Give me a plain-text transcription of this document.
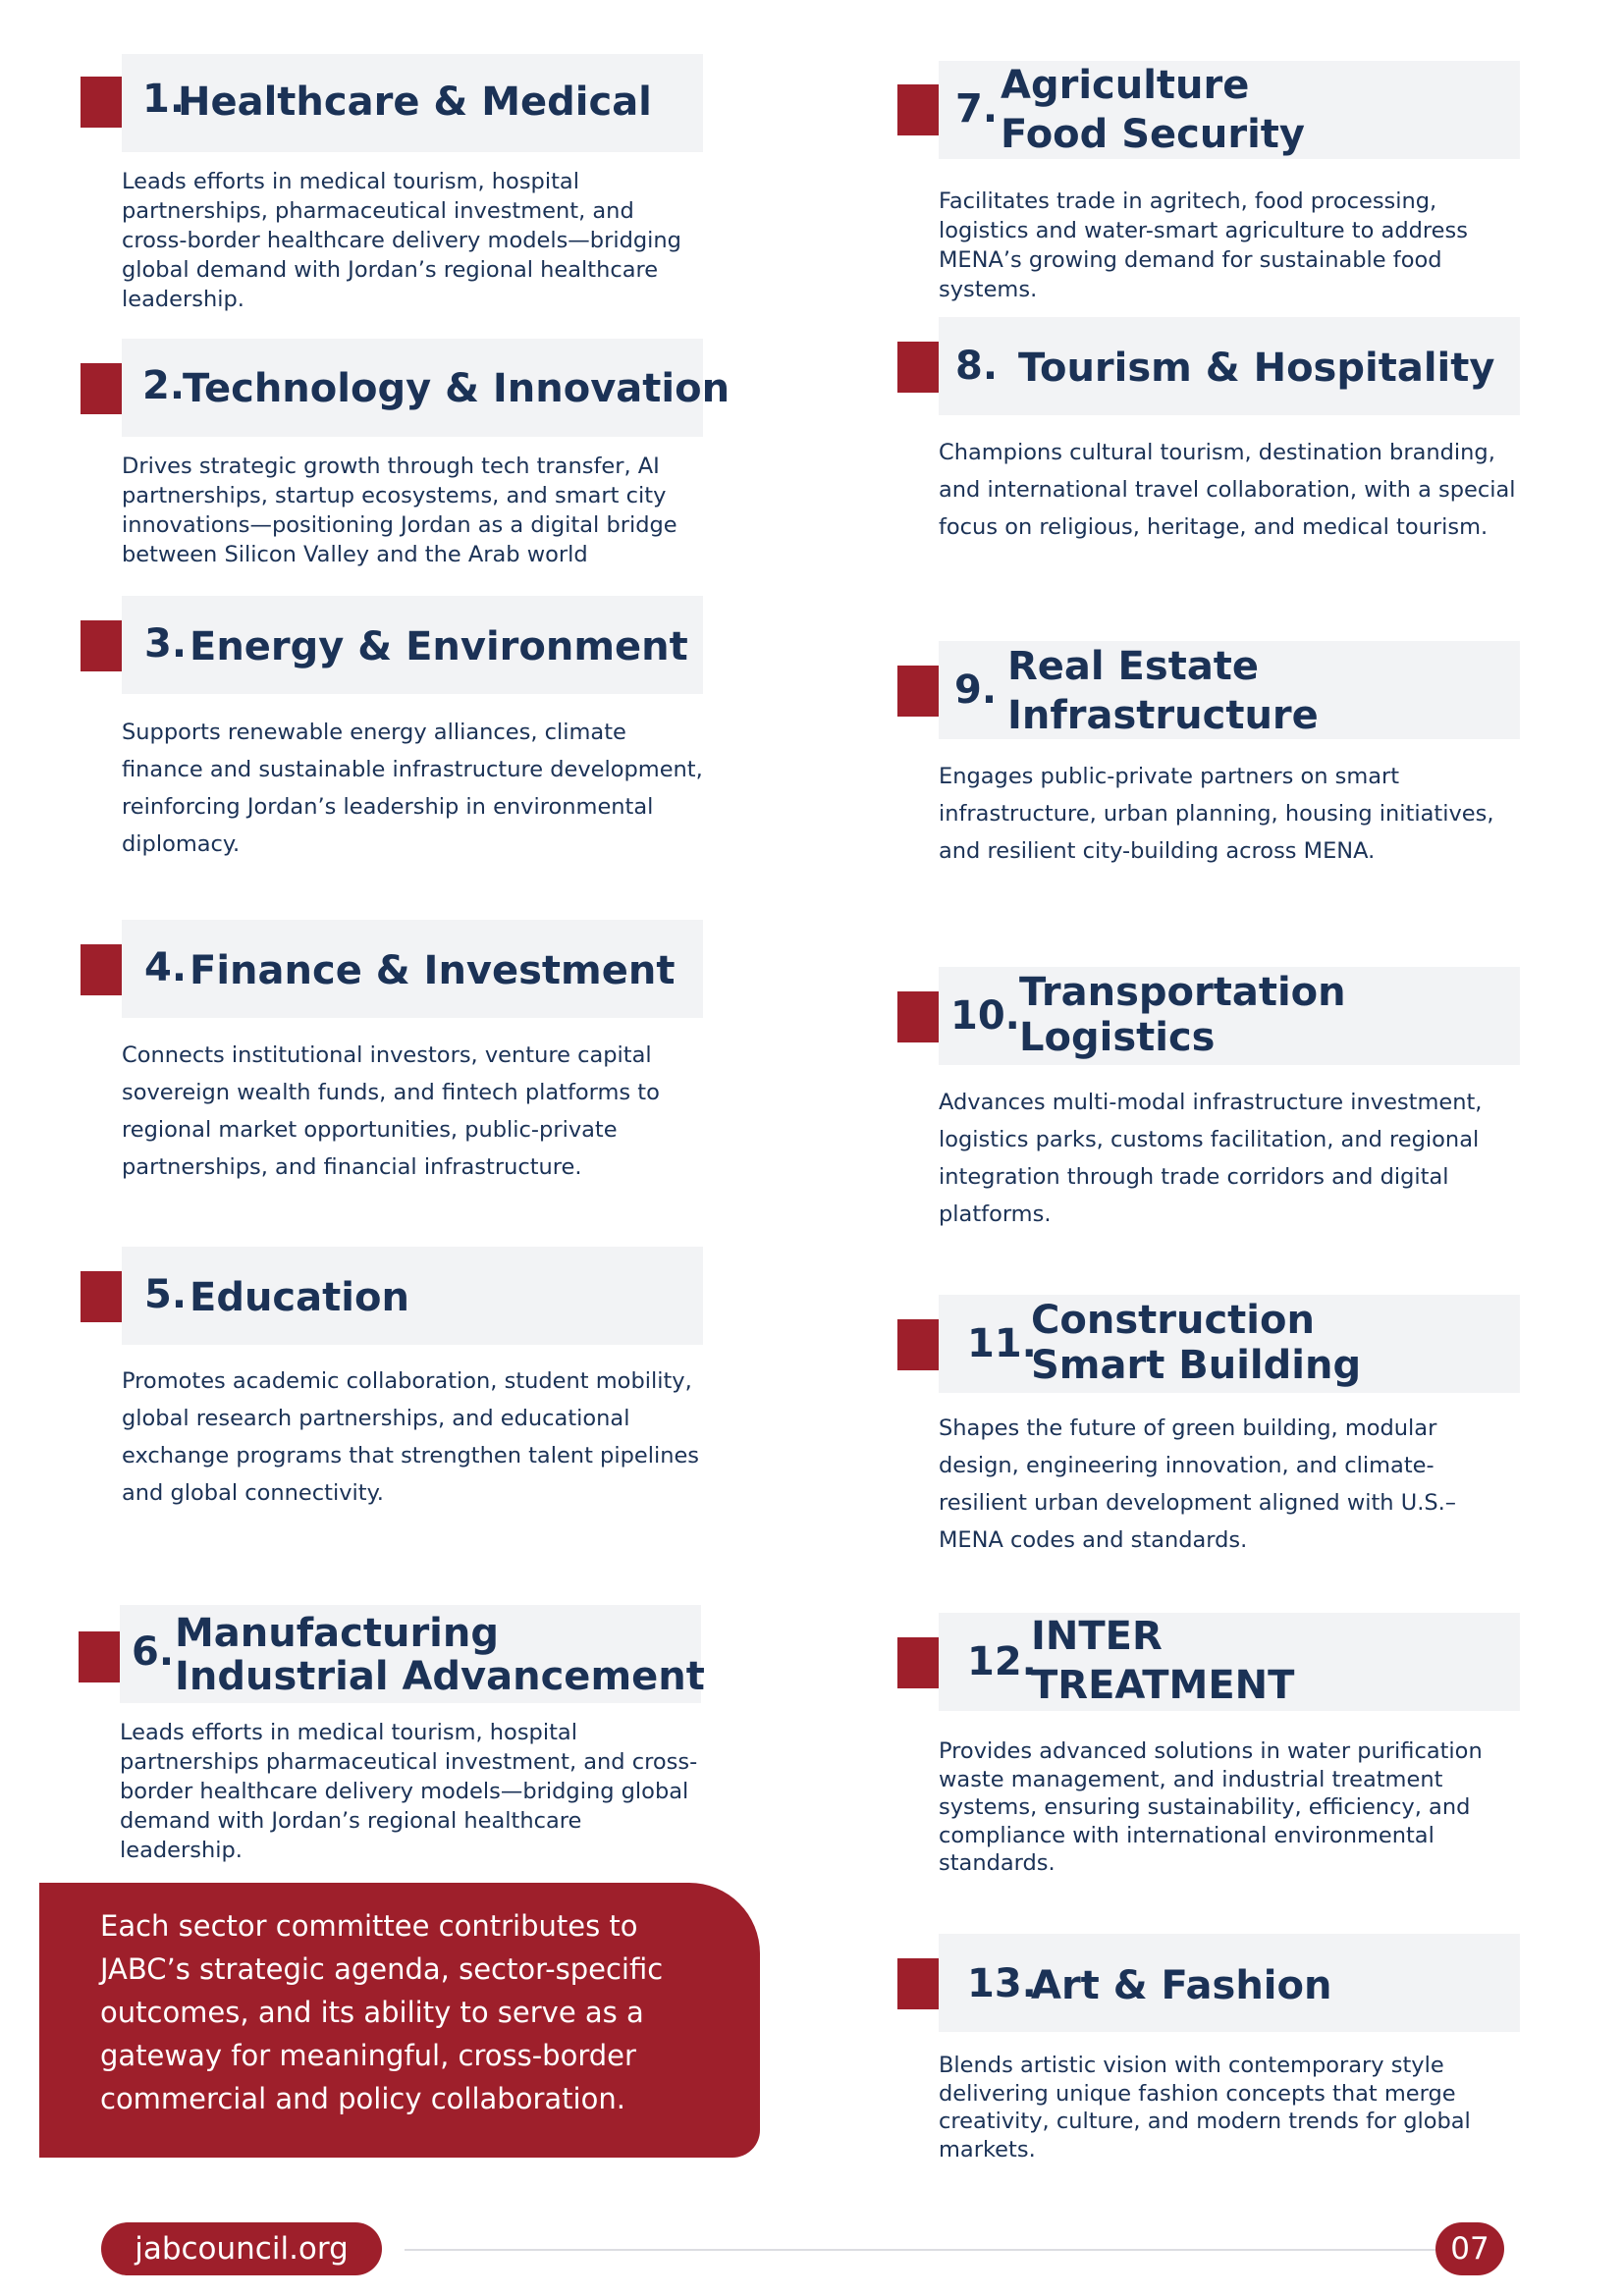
1.
Healthcare & Medical

Leads efforts in medical tourism, hospital partnerships, pharmaceutical investment, and cross-border healthcare delivery models—bridging global demand with Jordan’s regional healthcare leadership.

2.
Technology & Innovation

Drives strategic growth through tech transfer, AI partnerships, startup ecosystems, and smart city innovations—positioning Jordan as a digital bridge between Silicon Valley and the Arab world

3. Energy & Environment

Supports renewable energy alliances, climate finance and sustainable infrastructure development, reinforcing Jordan’s leadership in environmental diplomacy.

4. Finance & Investment

Connects institutional investors, venture capital sovereign wealth funds, and fintech platforms to regional market opportunities, public-private partnerships, and financial infrastructure.

5. Education

Promotes academic collaboration, student mobility, global research partnerships, and educational exchange programs that strengthen talent pipelines and global connectivity.

6. Manufacturing
Industrial Advancement

Leads efforts in medical tourism, hospital partnerships pharmaceutical investment, and cross-border healthcare delivery models—bridging global demand with Jordan’s regional healthcare leadership.

Each sector committee contributes to JABC’s strategic agenda, sector-specific outcomes, and its ability to serve as a gateway for meaningful, cross-border commercial and policy collaboration.

7.
Agriculture
Food Security

Facilitates trade in agritech, food processing, logistics and water-smart agriculture to address MENA’s growing demand for sustainable food systems.

8. Tourism & Hospitality

Champions cultural tourism, destination branding, and international travel collaboration, with a special focus on religious, heritage, and medical tourism.

9.
Real Estate
Infrastructure

Engages public-private partners on smart infrastructure, urban planning, housing initiatives, and resilient city-building across MENA.

10.
Transportation
Logistics

Advances multi-modal infrastructure investment, logistics parks, customs facilitation, and regional integration through trade corridors and digital platforms.

11.
Construction
Smart Building

Shapes the future of green building, modular design, engineering innovation, and climate-resilient urban development aligned with U.S.–MENA codes and standards.

12.
INTER
TREATMENT

Provides advanced solutions in water purification waste management, and industrial treatment systems, ensuring sustainability, efficiency, and compliance with international environmental standards.

13.
Art & Fashion

Blends artistic vision with contemporary style delivering unique fashion concepts that merge creativity, culture, and modern trends for global markets.

jabcouncil.org	07
